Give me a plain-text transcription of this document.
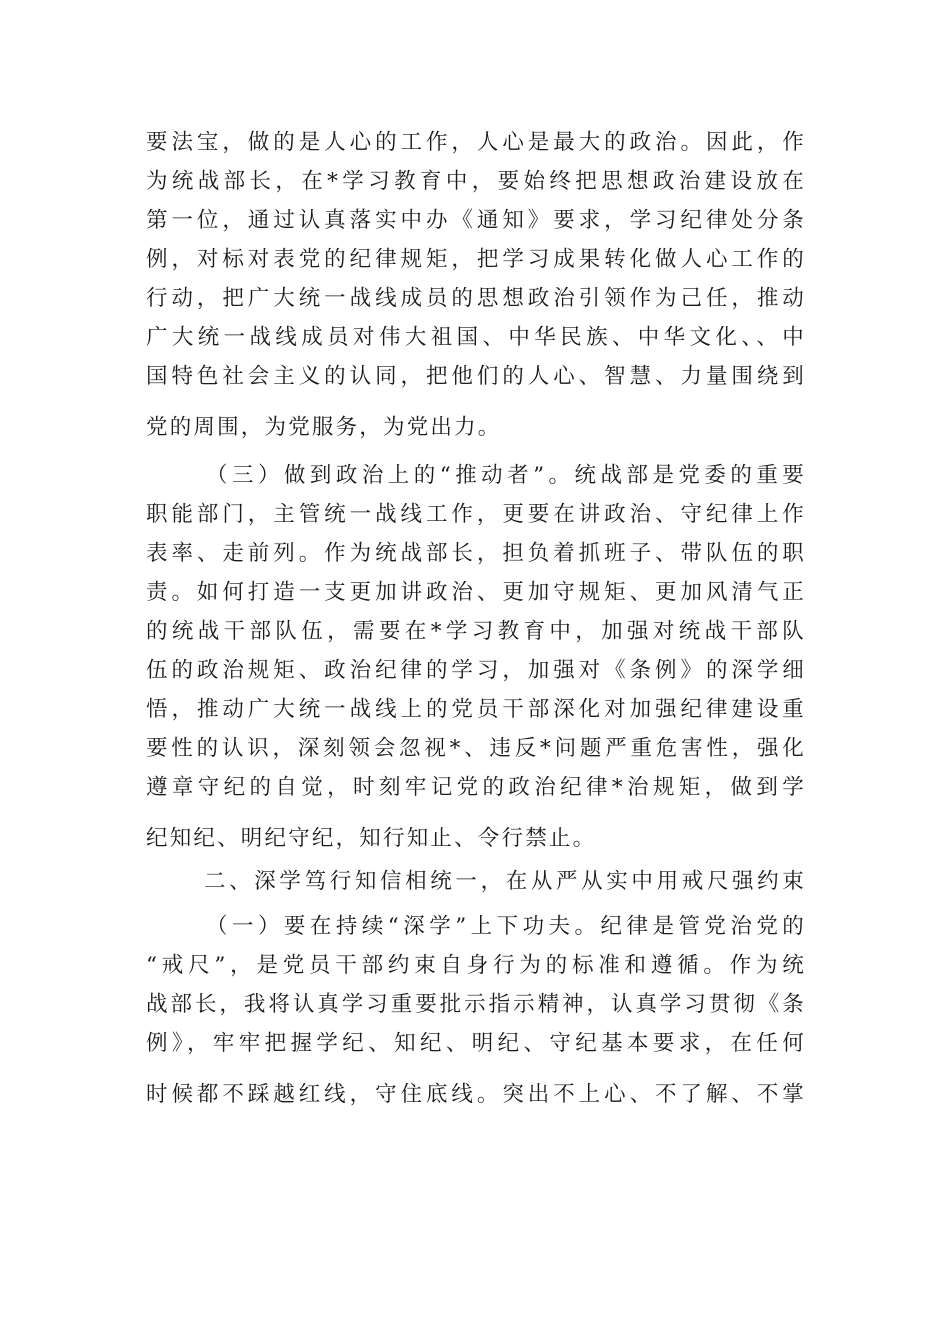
要法宝，做的是人心的工作，人心是最大的政治。因此，作
为统战部长，在*学习教育中，要始终把思想政治建设放在
第一位，通过认真落实中办《通知》要求，学习纪律处分条
例，对标对表党的纪律规矩，把学习成果转化做人心工作的
行动，把广大统一战线成员的思想政治引领作为己任，推动
广大统一战线成员对伟大祖国、中华民族、中华文化、、中
国特色社会主义的认同，把他们的人心、智慧、力量围绕到
党的周围，为党服务，为党出力。
（三）做到政治上的“推动者”。统战部是党委的重要
职能部门，主管统一战线工作，更要在讲政治、守纪律上作
表率、走前列。作为统战部长，担负着抓班子、带队伍的职
责。如何打造一支更加讲政治、更加守规矩、更加风清气正
的统战干部队伍，需要在*学习教育中，加强对统战干部队
伍的政治规矩、政治纪律的学习，加强对《条例》的深学细
悟，推动广大统一战线上的党员干部深化对加强纪律建设重
要性的认识，深刻领会忽视*、违反*问题严重危害性，强化
遵章守纪的自觉，时刻牢记党的政治纪律*治规矩，做到学
纪知纪、明纪守纪，知行知止、令行禁止。
二、深学笃行知信相统一，在从严从实中用戒尺强约束
（一）要在持续“深学”上下功夫。纪律是管党治党的
“戒尺”，是党员干部约束自身行为的标准和遵循。作为统
战部长，我将认真学习重要批示指示精神，认真学习贯彻《条
例》，牢牢把握学纪、知纪、明纪、守纪基本要求，在任何
时候都不踩越红线，守住底线。突出不上心、不了解、不掌
